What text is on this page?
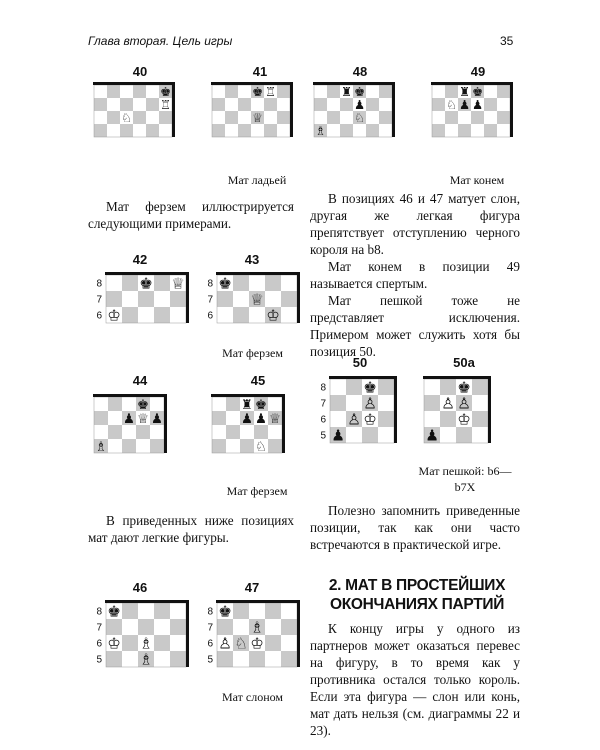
Глава вторая. Цель игры	35
40
♚
♖
♘
41
♚ ♖
♕
Мат ладьей
48
♜ ♚
♟
♘
♗
49
♜ ♚
♘ ♟ ♟
Мат конем

Мат ферзем иллюстрируется следующими примерами.

В позициях 46 и 47 матует слон, другая же легкая фигура препятствует отступлению черного короля на b8.

Мат конем в позиции 49 называется спертым.

Мат пешкой тоже не представляет исключения. Примером может служить хотя бы позиция 50.

42
8
7
6
♚ ♕
♔
43
8
7
6
♚
♕
♔
Мат ферзем
44
♚
♟ ♕ ♟
♗
45
♜ ♚
♟ ♟ ♕
♘
Мат ферзем
50
8
7
6
5
♚
♙
♙ ♔
♟
50a
♚
♙ ♙
♔
♟
Мат пешкой: b6—b7X

В приведенных ниже позициях мат дают легкие фигуры.

Полезно запомнить приведенные позиции, так как они часто встречаются в практической игре.

2. МАТ В ПРОСТЕЙШИХ
ОКОНЧАНИЯХ ПАРТИЙ

К концу игры у одного из партнеров может оказаться перевес на фигуру, в то время как у противника остался только король. Если эта фигура — слон или конь, мат дать нельзя (см. диаграммы 22 и 23).

46
8
7
6
5
♚
♔ ♗
♗
47
8
7
6
5
♚
♗
♙ ♘ ♔
Мат слоном
